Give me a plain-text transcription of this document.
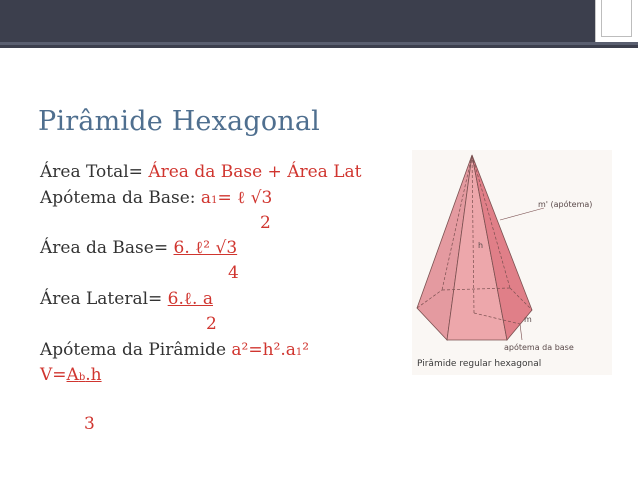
Pirâmide Hexagonal
m' (apótema)
h
m
apótema da base
Pirâmide regular hexagonal
Área Total= Área da Base + Área Lat
Apótema da Base: a1= ℓ √3
2
Área da Base= 6. ℓ² √3
4
Área Lateral= 6.ℓ. a
2
Apótema da Pirâmide a²=h².a1²
V=Ab.h
3
